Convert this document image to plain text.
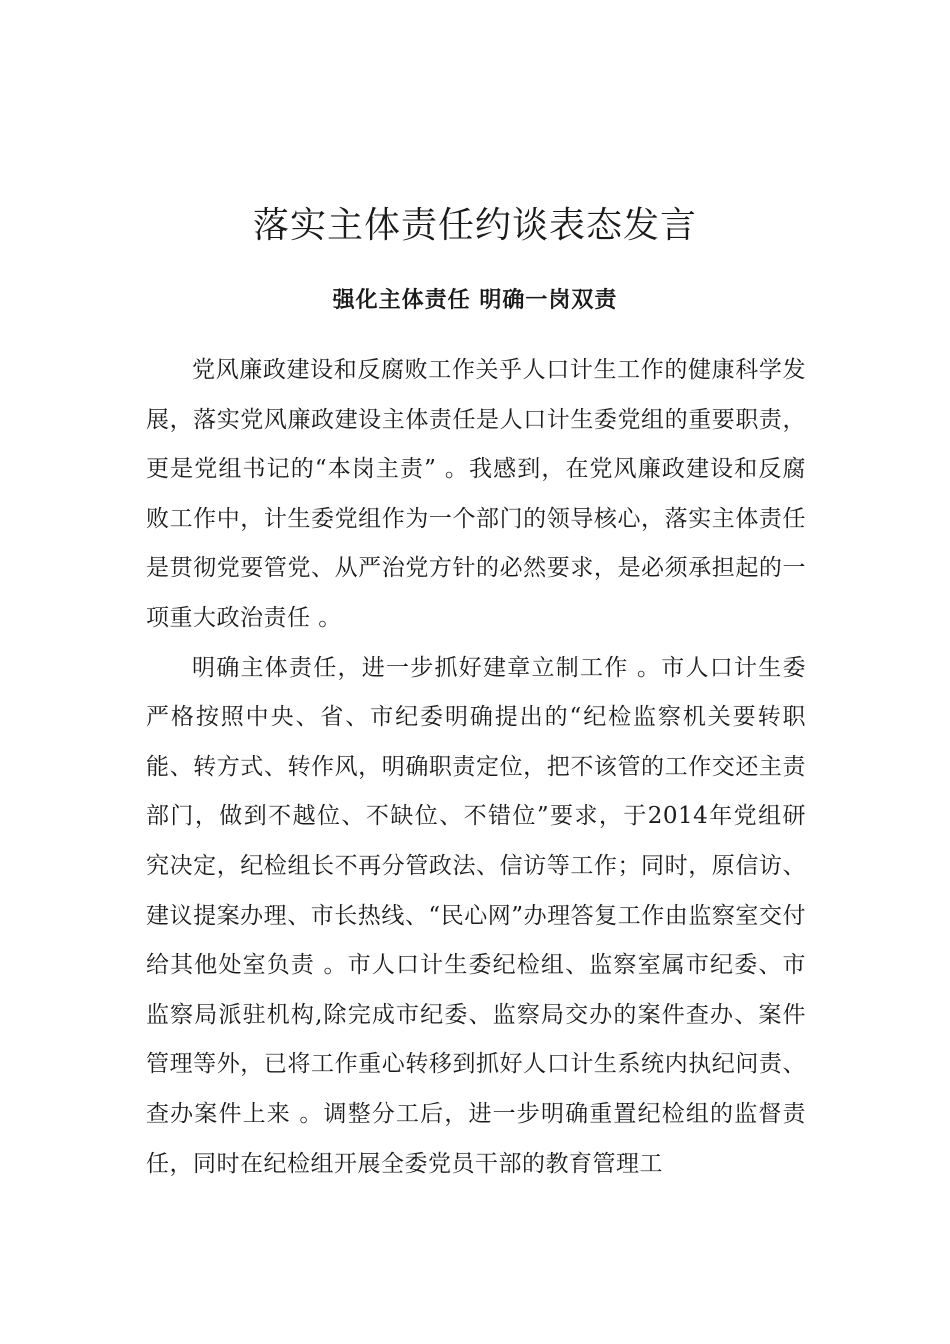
落实主体责任约谈表态发言
强化主体责任 明确一岗双责

党风廉政建设和反腐败工作关乎人口计生工作的健康科学发展，落实党风廉政建设主体责任是人口计生委党组的重要职责，更是党组书记的“本岗主责” 。我感到，在党风廉政建设和反腐败工作中，计生委党组作为一个部门的领导核心，落实主体责任是贯彻党要管党、从严治党方针的必然要求，是必须承担起的一项重大政治责任 。

明确主体责任，进一步抓好建章立制工作 。市人口计生委严格按照中央、省、市纪委明确提出的“纪检监察机关要转职能、转方式、转作风，明确职责定位，把不该管的工作交还主责部门，做到不越位、不缺位、不错位”要求，于2014年党组研究决定，纪检组长不再分管政法、信访等工作；同时，原信访、建议提案办理、市长热线、“民心网”办理答复工作由监察室交付给其他处室负责 。市人口计生委纪检组、监察室属市纪委、市监察局派驻机构,除完成市纪委、监察局交办的案件查办、案件管理等外，已将工作重心转移到抓好人口计生系统内执纪问责、查办案件上来 。调整分工后，进一步明确重置纪检组的监督责任，同时在纪检组开展全委党员干部的教育管理工
